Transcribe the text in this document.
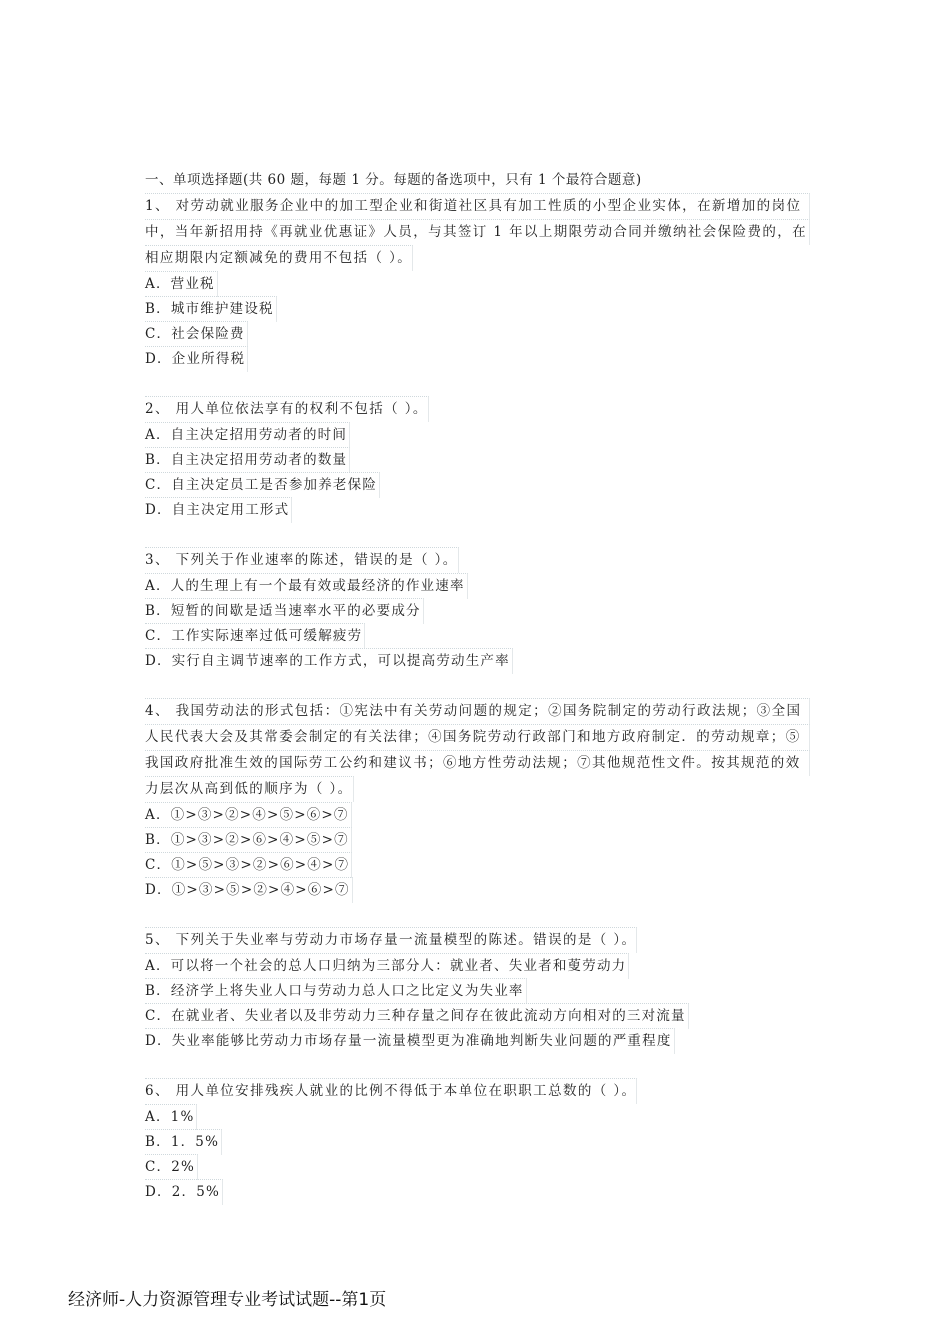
一、单项选择题(共 60 题，每题 1 分。每题的备选项中，只有 1 个最符合题意)
1、 对劳动就业服务企业中的加工型企业和街道社区具有加工性质的小型企业实体，在新增加的岗位
中，当年新招用持《再就业优惠证》人员，与其签订 1 年以上期限劳动合同并缴纳社会保险费的，在
相应期限内定额减免的费用不包括（ ）。
A．营业税
B．城市维护建设税
C．社会保险费
D．企业所得税
2、 用人单位依法享有的权利不包括（ ）。
A．自主决定招用劳动者的时间
B．自主决定招用劳动者的数量
C．自主决定员工是否参加养老保险
D．自主决定用工形式
3、 下列关于作业速率的陈述，错误的是（ ）。
A．人的生理上有一个最有效或最经济的作业速率
B．短暂的间歇是适当速率水平的必要成分
C．工作实际速率过低可缓解疲劳
D．实行自主调节速率的工作方式，可以提高劳动生产率
4、 我国劳动法的形式包括：①宪法中有关劳动问题的规定；②国务院制定的劳动行政法规；③全国
人民代表大会及其常委会制定的有关法律；④国务院劳动行政部门和地方政府制定．的劳动规章；⑤
我国政府批准生效的国际劳工公约和建议书；⑥地方性劳动法规；⑦其他规范性文件。按其规范的效
力层次从高到低的顺序为（ ）。
A．①>③>②>④>⑤>⑥>⑦
B．①>③>②>⑥>④>⑤>⑦
C．①>⑤>③>②>⑥>④>⑦
D．①>③>⑤>②>④>⑥>⑦
5、 下列关于失业率与劳动力市场存量一流量模型的陈述。错误的是（ ）。
A．可以将一个社会的总人口归纳为三部分人：就业者、失业者和蓃劳动力
B．经济学上将失业人口与劳动力总人口之比定义为失业率
C．在就业者、失业者以及非劳动力三种存量之间存在彼此流动方向相对的三对流量
D．失业率能够比劳动力市场存量一流量模型更为准确地判断失业问题的严重程度
6、 用人单位安排残疾人就业的比例不得低于本单位在职职工总数的（ ）。
A．1%
B．1．5%
C．2%
D．2．5%
经济师-人力资源管理专业考试试题--第1页
